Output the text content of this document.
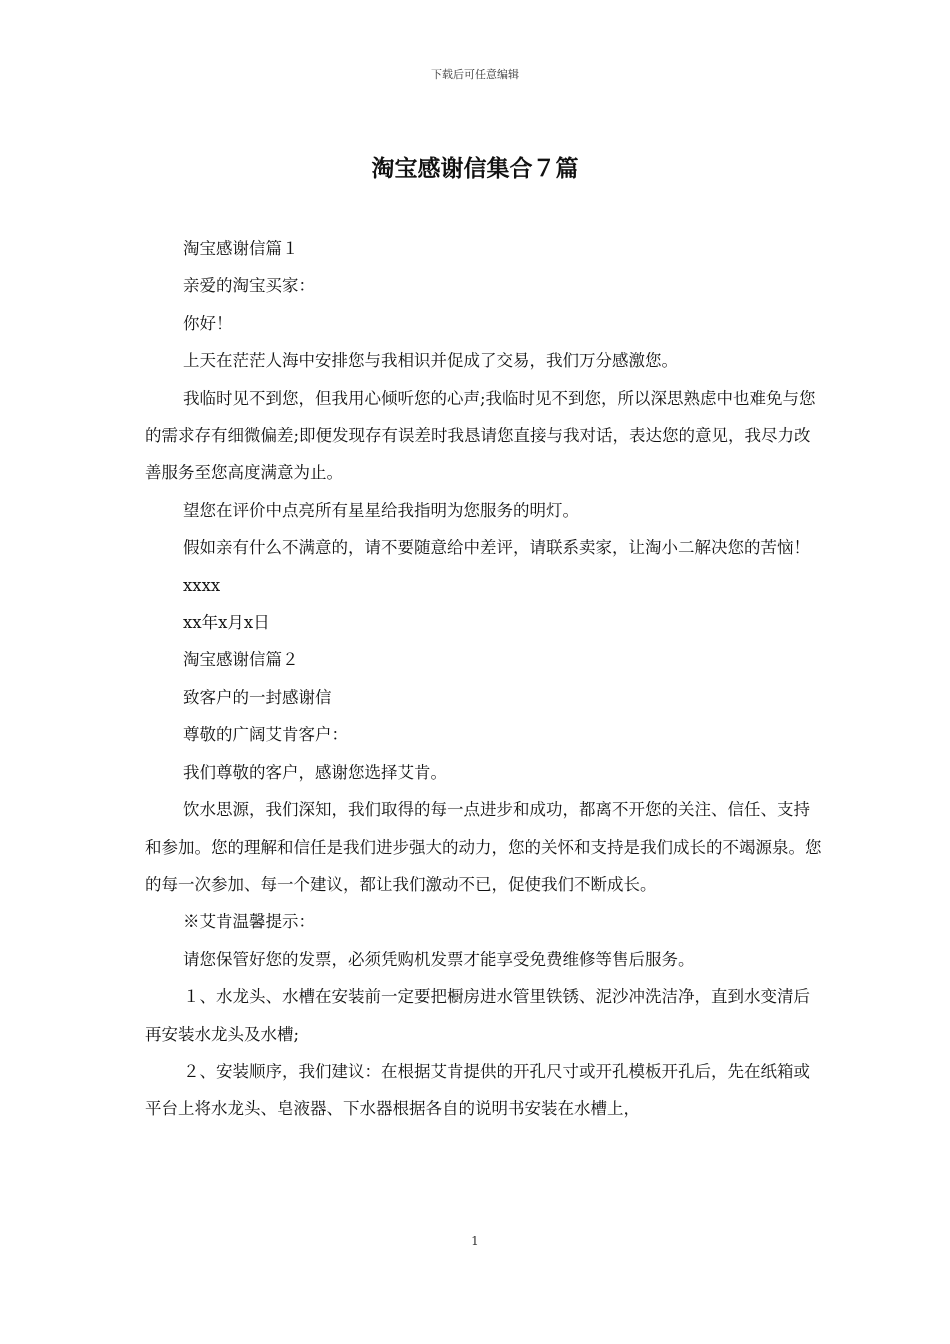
下载后可任意编辑
淘宝感谢信集合７篇

淘宝感谢信篇１

亲爱的淘宝买家：

你好！

上天在茫茫人海中安排您与我相识并促成了交易，我们万分感激您。

我临时见不到您，但我用心倾听您的心声;我临时见不到您，所以深思熟虑中也难免与您的需求存有细微偏差;即便发现存有误差时我恳请您直接与我对话，表达您的意见，我尽力改善服务至您高度满意为止。

望您在评价中点亮所有星星给我指明为您服务的明灯。

假如亲有什么不满意的，请不要随意给中差评，请联系卖家，让淘小二解决您的苦恼！

xxxx

xx年x月x日

淘宝感谢信篇２

致客户的一封感谢信

尊敬的广阔艾肯客户：

我们尊敬的客户，感谢您选择艾肯。

饮水思源，我们深知，我们取得的每一点进步和成功，都离不开您的关注、信任、支持和参加。您的理解和信任是我们进步强大的动力，您的关怀和支持是我们成长的不竭源泉。您的每一次参加、每一个建议，都让我们激动不已，促使我们不断成长。

※艾肯温馨提示：

请您保管好您的发票，必须凭购机发票才能享受免费维修等售后服务。

１、水龙头、水槽在安装前一定要把橱房进水管里铁锈、泥沙冲洗洁净，直到水变清后再安装水龙头及水槽;

２、安装顺序，我们建议：在根据艾肯提供的开孔尺寸或开孔模板开孔后，先在纸箱或平台上将水龙头、皂液器、下水器根据各自的说明书安装在水槽上，

1
